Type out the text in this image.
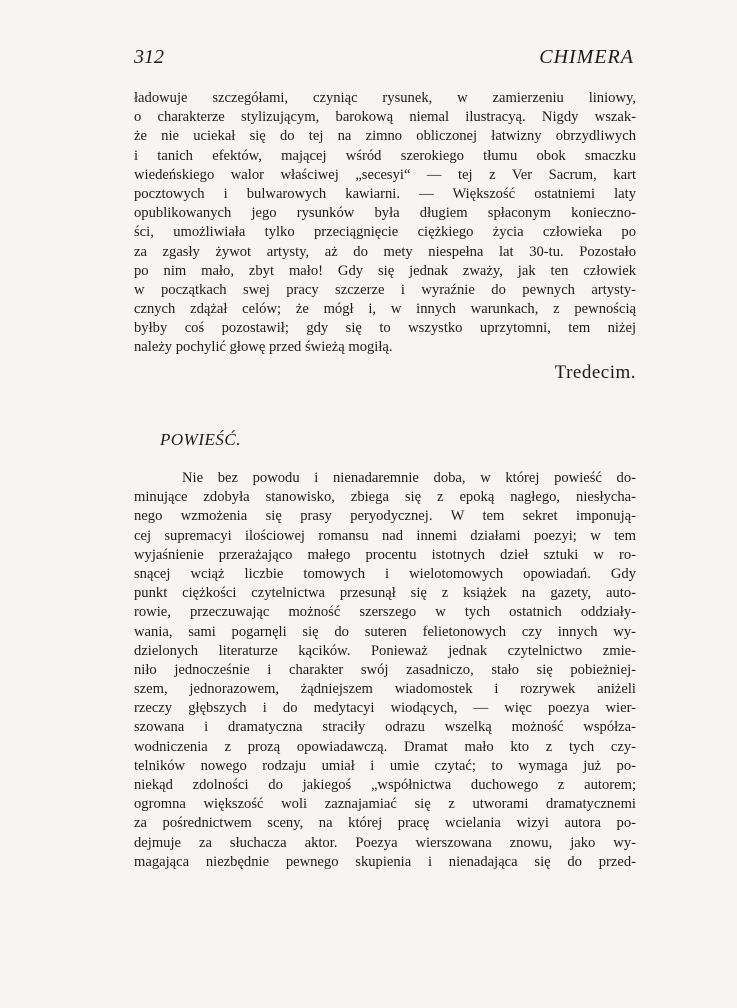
312	CHIMERA
ładowuje szczegółami, czyniąc rysunek, w zamierzeniu liniowy,
o charakterze stylizującym, barokową niemal ilustracyą. Nigdy wszak-
że nie uciekał się do tej na zimno obliczonej łatwizny obrzydliwych
i tanich efektów, mającej wśród szerokiego tłumu obok smaczku
wiedeńskiego walor właściwej „secesyi“ — tej z Ver Sacrum, kart
pocztowych i bulwarowych kawiarni. — Większość ostatniemi laty
opublikowanych jego rysunków była długiem spłaconym konieczno-
ści, umożliwiała tylko przeciągnięcie ciężkiego życia człowieka po
za zgasły żywot artysty, aż do mety niespełna lat 30-tu. Pozostało
po nim mało, zbyt mało! Gdy się jednak zważy, jak ten człowiek
w początkach swej pracy szczerze i wyraźnie do pewnych artysty-
cznych zdążał celów; że mógł i, w innych warunkach, z pewnością
byłby coś pozostawił; gdy się to wszystko uprzytomni, tem niżej
należy pochylić głowę przed świeżą mogiłą.
Tredecim.
POWIEŚĆ.
Nie bez powodu i nienadaremnie doba, w której powieść do-
minujące zdobyła stanowisko, zbiega się z epoką nagłego, niesłycha-
nego wzmożenia się prasy peryodycznej. W tem sekret imponują-
cej supremacyi ilościowej romansu nad innemi działami poezyi; w tem
wyjaśnienie przerażająco małego procentu istotnych dzieł sztuki w ro-
snącej wciąż liczbie tomowych i wielotomowych opowiadań. Gdy
punkt ciężkości czytelnictwa przesunął się z książek na gazety, auto-
rowie, przeczuwając możność szerszego w tych ostatnich oddziały-
wania, sami pogarnęli się do suteren felietonowych czy innych wy-
dzielonych literaturze kącików. Ponieważ jednak czytelnictwo zmie-
niło jednocześnie i charakter swój zasadniczo, stało się pobieżniej-
szem, jednorazowem, żądniejszem wiadomostek i rozrywek aniżeli
rzeczy głębszych i do medytacyi wiodących, — więc poezya wier-
szowana i dramatyczna straciły odrazu wszelką możność współza-
wodniczenia z prozą opowiadawczą. Dramat mało kto z tych czy-
telników nowego rodzaju umiał i umie czytać; to wymaga już po-
niekąd zdolności do jakiegoś „współnictwa duchowego z autorem;
ogromna większość woli zaznajamiać się z utworami dramatycznemi
za pośrednictwem sceny, na której pracę wcielania wizyi autora po-
dejmuje za słuchacza aktor. Poezya wierszowana znowu, jako wy-
magająca niezbędnie pewnego skupienia i nienadająca się do przed-
